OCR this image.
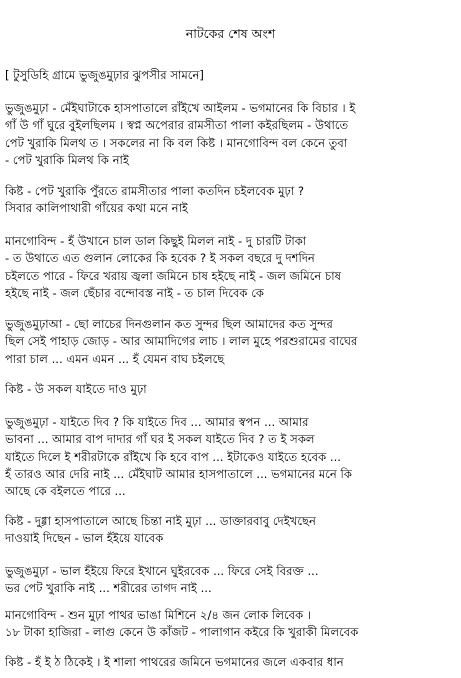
নাটকের শেষ অংশ
[ টুসুডিহি গ্রামে ভুজুঙমুঢ়ার ঝুপসীর সামনে]
ভুজুঙমুঢ়া - মেঁইঘাটাকে হাসপাতালে রাঁইখে আইলম - ভগমানের কি বিচার । ই
গাঁ উ গাঁ ঘুরে বুইলছিলম । স্বপ্ন অপেরার রামসীতা পালা কইরছিলম - উথাতে
পেট খুরাকি মিলথ ত । সকলের না কি বল কিষ্ট । মানগোবিন্দ বল কেনে তুবা
- পেট খুরাকি মিলথ কি নাই
কিষ্ট - পেট খুরাকি পুঁরতে রামসীতার পালা কতদিন চইলবেক মুঢ়া ?
সিবার কালিপাথারী গাঁয়ের কথা মনে নাই
মানগোবিন্দ - হঁ উখানে চাল ডাল কিছুই মিলল নাই - দু চারটি টাকা
- ত উথাতে এত গুলান লোকের কি হবেক ? ই সকল বছরে দু দশদিন
চইলতে পারে - ফিরে খরায় জ্বলা জমিনে চাষ হইছে নাই - জল জমিনে চাষ
হইছে নাই - জল ছেঁচার বন্দোবস্ত নাই - ত চাল দিবেক কে
ভুজুঙমুঢ়াআ - ছো লাচের দিনগুলান কত সুন্দর ছিল আমাদের কত সুন্দর
ছিল সেই পাহাড় জোড় - আর আমাদিগের লাচ । লাল মুহে পরশুরামের বাঘের
পারা চাল ... এমন এমন ... হঁ যেমন বাঘ চইলছে
কিষ্ট - উ সকল যাইতে দাও মুঢ়া
ভুজুঙমুঢ়া - যাইতে দিব ? কি যাইতে দিব ... আমার স্বপন ... আমার
ভাবনা ... আমার বাপ দাদার গাঁ ঘর ই সকল যাইতে দিব ? ত ই সকল
যাইতে দিলে ই শরীরটাকে রাঁইখে কি হবে বাপ ... ইটাকেও যাইতে হবেক ...
হঁ তারও আর দেরি নাই ... মেঁইঘাট আমার হাসপাতালে ... ভগমানের মনে কি
আছে কে বইলতে পারে ...
কিষ্ট - দুগ্গা হাসপাতালে আছে চিন্তা নাই মুঢ়া ... ডাক্তারবাবু দেইখছেন
দাওয়াই দিছেন - ভাল হঁইয়ে যাবেক
ভুজুঙমুঢ়া - ভাল হঁইয়ে ফিরে ইখানে ঘুইরবেক ... ফিরে সেই বিরক্ত ...
ভর পেট খুরাকি নাই ... শরীরের তাগদ নাই ...
মানগোবিন্দ - শুন মুঢ়া পাথর ভাঙা মিশিনে ২/৪ জন লোক লিবেক ।
১৮ টাকা হাজিরা - লাগু কেনে উ কাঁজট - পালাগান কইরে কি খুরাকী মিলবেক
কিষ্ট - হঁ ই ঠ ঠিকেই । ই শালা পাথরের জমিনে ভগমানের জলে একবার ধান
